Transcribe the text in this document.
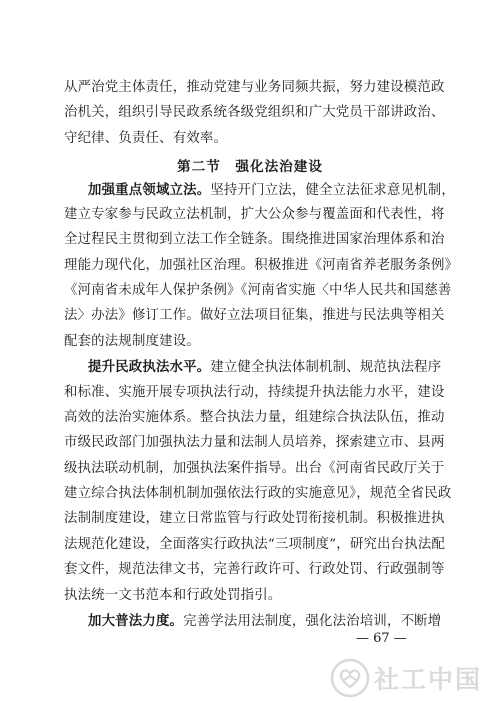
从严治党主体责任，推动党建与业务同频共振，努力建设模范政
治机关，组织引导民政系统各级党组织和广大党员干部讲政治、
守纪律、负责任、有效率。
第二节　强化法治建设
加强重点领域立法。坚持开门立法，健全立法征求意见机制，
建立专家参与民政立法机制，扩大公众参与覆盖面和代表性，将
全过程民主贯彻到立法工作全链条。围绕推进国家治理体系和治
理能力现代化，加强社区治理。积极推进《河南省养老服务条例》
《河南省未成年人保护条例》《河南省实施〈中华人民共和国慈善
法〉办法》修订工作。做好立法项目征集，推进与民法典等相关
配套的法规制度建设。
提升民政执法水平。建立健全执法体制机制、规范执法程序
— 67 —
社工中国
和标准、实施开展专项执法行动，持续提升执法能力水平，建设
高效的法治实施体系。整合执法力量，组建综合执法队伍，推动
市级民政部门加强执法力量和法制人员培养，探索建立市、县两
级执法联动机制，加强执法案件指导。出台《河南省民政厅关于
建立综合执法体制机制加强依法行政的实施意见》，规范全省民政
法制制度建设，建立日常监管与行政处罚衔接机制。积极推进执
法规范化建设，全面落实行政执法“三项制度”，研究出台执法配
套文件，规范法律文书，完善行政许可、行政处罚、行政强制等
执法统一文书范本和行政处罚指引。
加大普法力度。完善学法用法制度，强化法治培训，不断增
